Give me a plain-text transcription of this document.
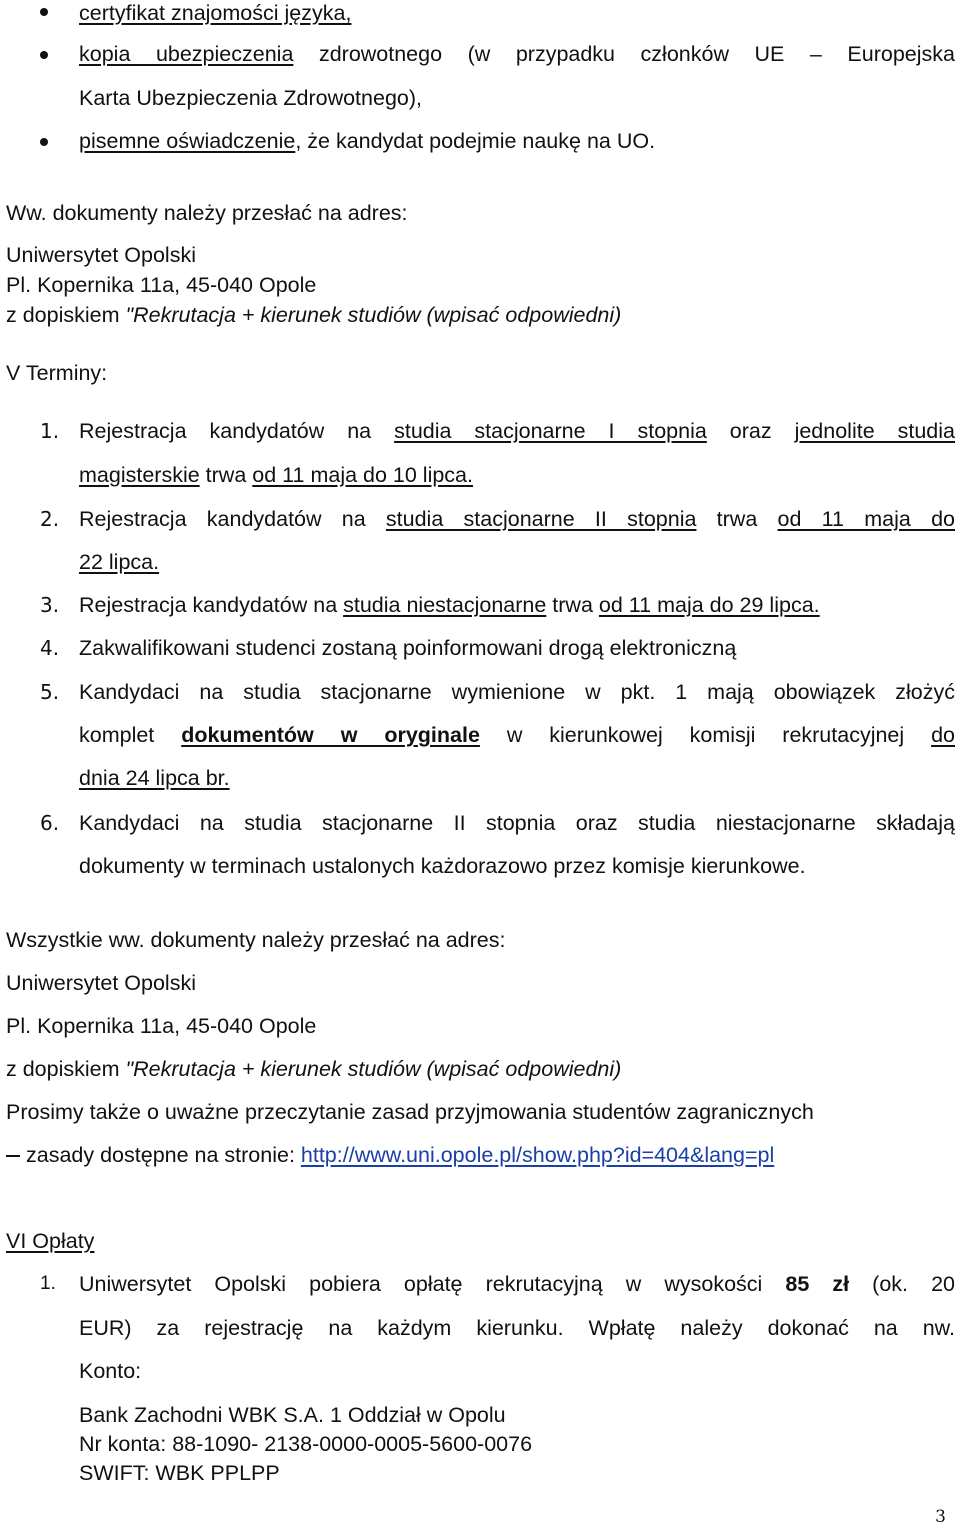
certyfikat znajomości języka,
kopia ubezpieczenia zdrowotnego (w przypadku członków UE – Europejska
Karta Ubezpieczenia Zdrowotnego),
pisemne oświadczenie, że kandydat podejmie naukę na UO.
Ww. dokumenty należy przesłać na adres:
Uniwersytet Opolski
Pl. Kopernika 11a, 45-040 Opole
z dopiskiem "Rekrutacja + kierunek studiów (wpisać odpowiedni)
V Terminy:
1. Rejestracja kandydatów na studia stacjonarne I stopnia oraz jednolite studia
magisterskie trwa od 11 maja do 10 lipca.
2. Rejestracja kandydatów na studia stacjonarne II stopnia trwa od 11 maja do
22 lipca.
3. Rejestracja kandydatów na studia niestacjonarne trwa od 11 maja do 29 lipca.
4. Zakwalifikowani studenci zostaną poinformowani drogą elektroniczną
5. Kandydaci na studia stacjonarne wymienione w pkt. 1 mają obowiązek złożyć
komplet dokumentów w oryginale w kierunkowej komisji rekrutacyjnej do
dnia 24 lipca br.
6. Kandydaci na studia stacjonarne II stopnia oraz studia niestacjonarne składają
dokumenty w terminach ustalonych każdorazowo przez komisje kierunkowe.
Wszystkie ww. dokumenty należy przesłać na adres:
Uniwersytet Opolski
Pl. Kopernika 11a, 45-040 Opole
z dopiskiem "Rekrutacja + kierunek studiów (wpisać odpowiedni)
Prosimy także o uważne przeczytanie zasad przyjmowania studentów zagranicznych
zasady dostępne na stronie: http://www.uni.opole.pl/show.php?id=404&lang=pl
VI Opłaty
1. Uniwersytet Opolski pobiera opłatę rekrutacyjną w wysokości 85 zł (ok. 20
EUR) za rejestrację na każdym kierunku. Wpłatę należy dokonać na nw.
Konto:
Bank Zachodni WBK S.A. 1 Oddział w Opolu
Nr konta: 88-1090- 2138-0000-0005-5600-0076
SWIFT: WBK PPLPP
3
